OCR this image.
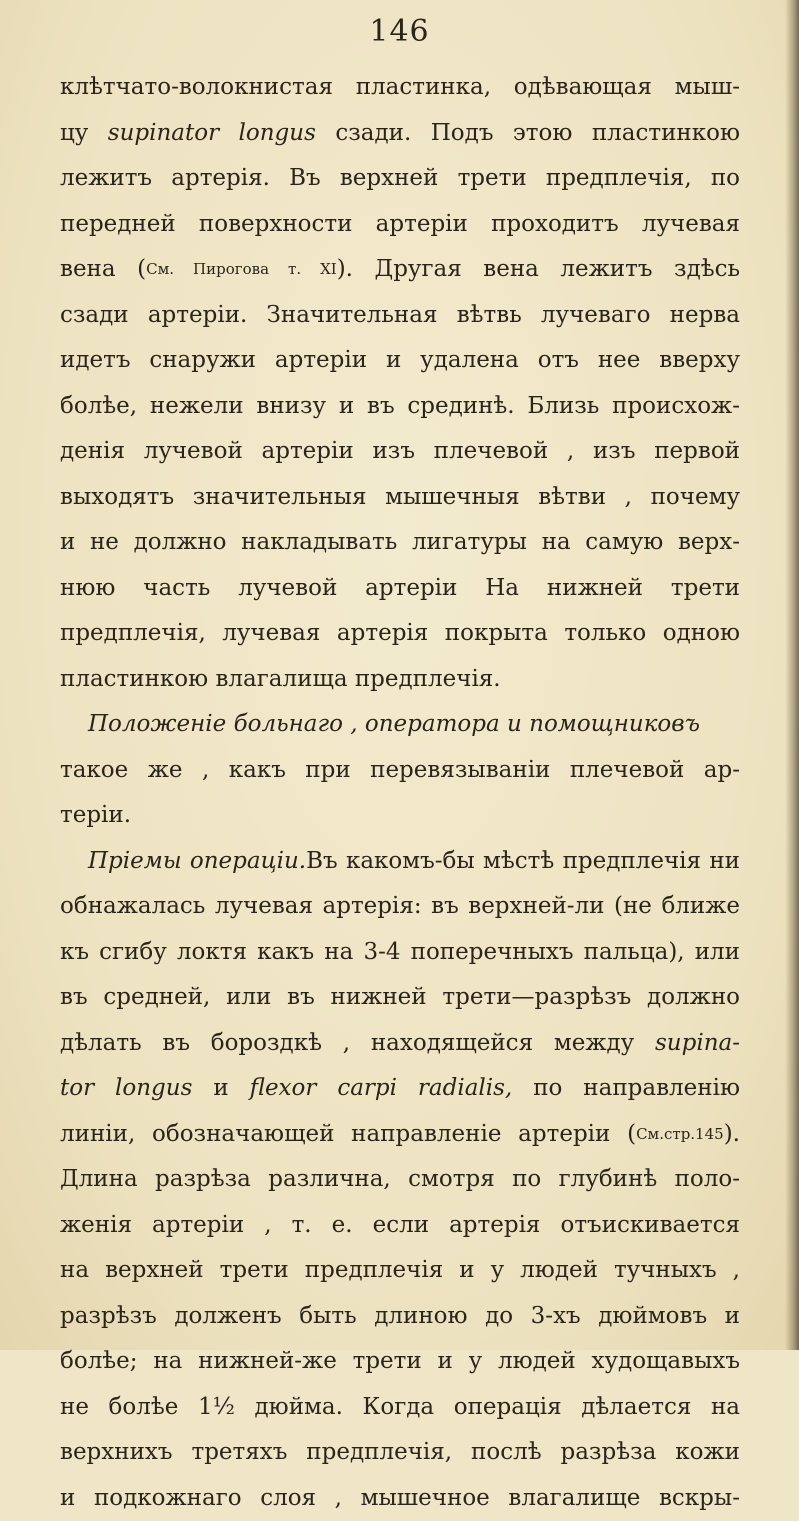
146
клѣтчато-волокнистая пластинка, одѣвающая мыш-
цу supinator longus сзади. Подъ этою пластинкою
лежитъ артерія. Въ верхней трети предплечія, по
передней поверхности артеріи проходитъ лучевая
вена (См. Пирогова т. XI). Другая вена лежитъ здѣсь
сзади артеріи. Значительная вѣтвь лучеваго нерва
идетъ снаружи артеріи и удалена отъ нее вверху
болѣе, нежели внизу и въ срединѣ. Близь происхож-
денія лучевой артеріи изъ плечевой , изъ первой
выходятъ значительныя мышечныя вѣтви , почему
и не должно накладывать лигатуры на самую верх-
нюю часть лучевой артеріи На нижней трети
предплечія, лучевая артерія покрыта только одною
пластинкою влагалища предплечія.
Положеніе больнаго , оператора и помощниковъ
такое же , какъ при перевязываніи плечевой ар-
теріи.
Пріемы операціи.Въ какомъ-бы мѣстѣ предплечія ни
обнажалась лучевая артерія: въ верхней-ли (не ближе
къ сгибу локтя какъ на 3-4 поперечныхъ пальца), или
въ средней, или въ нижней трети—разрѣзъ должно
дѣлать въ бороздкѣ , находящейся между supina-
tor longus и flexor carpi radialis, по направленію
линіи, обозначающей направленіе артеріи (См.стр.145).
Длина разрѣза различна, смотря по глубинѣ поло-
женія артеріи , т. е. если артерія отъискивается
на верхней трети предплечія и у людей тучныхъ ,
разрѣзъ долженъ быть длиною до 3-хъ дюймовъ и
болѣе; на нижней-же трети и у людей худощавыхъ
не болѣе 1½ дюйма. Когда операція дѣлается на
верхнихъ третяхъ предплечія, послѣ разрѣза кожи
и подкожнаго слоя , мышечное влагалище вскры-
